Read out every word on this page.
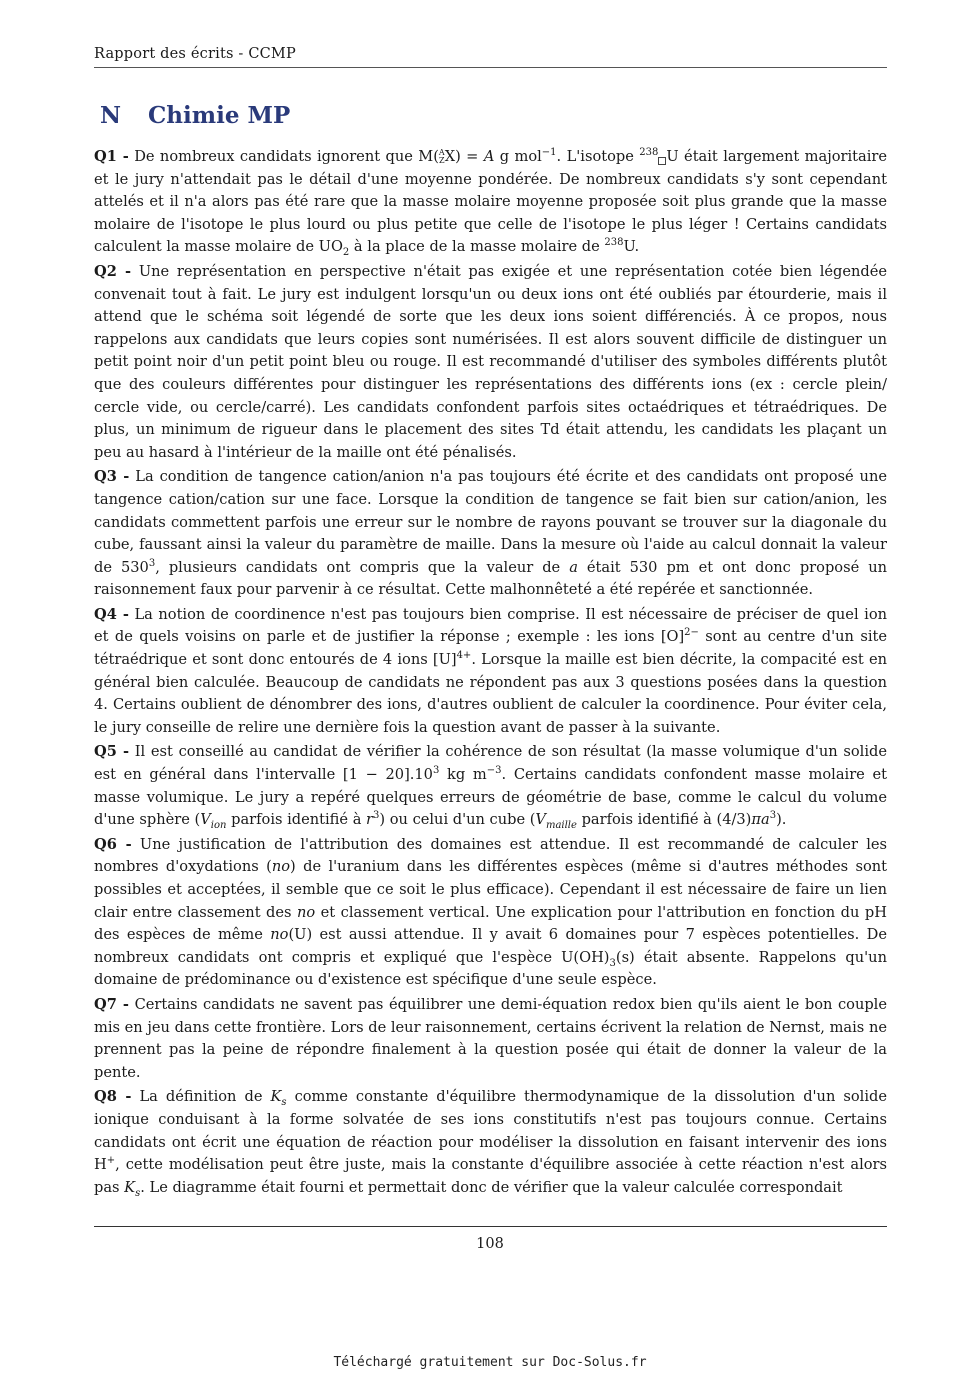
Rapport des écrits - CCMP
N Chimie MP

Q1 - De nombreux candidats ignorent que M(A
ZX) = A g mol$^{-1}$. L'isotope $^{238}$ U était largement majoritaire et le jury n'attendait pas le détail d'une moyenne pondérée. De nombreux candidats s'y sont cependant attelés et il n'a alors pas été rare que la masse molaire moyenne proposée soit plus grande que la masse molaire de l'isotope le plus lourd ou plus petite que celle de l'isotope le plus léger ! Certains candidats calculent la masse molaire de $UO_2$ à la place de la masse molaire de $^{238}$U.

Q2 - Une représentation en perspective n'était pas exigée et une représentation cotée bien légendée convenait tout à fait. Le jury est indulgent lorsqu'un ou deux ions ont été oubliés par étourderie, mais il attend que le schéma soit légendé de sorte que les deux ions soient différenciés. À ce propos, nous rappelons aux candidats que leurs copies sont numérisées. Il est alors souvent difficile de distinguer un petit point noir d'un petit point bleu ou rouge. Il est recommandé d'utiliser des symboles différents plutôt que des couleurs différentes pour distinguer les représentations des différents ions (ex : cercle plein/ cercle vide, ou cercle/carré). Les candidats confondent parfois sites octaédriques et tétraédriques. De plus, un minimum de rigueur dans le placement des sites Td était attendu, les candidats les plaçant un peu au hasard à l'intérieur de la maille ont été pénalisés.

Q3 - La condition de tangence cation/anion n'a pas toujours été écrite et des candidats ont proposé une tangence cation/cation sur une face. Lorsque la condition de tangence se fait bien sur cation/anion, les candidats commettent parfois une erreur sur le nombre de rayons pouvant se trouver sur la diagonale du cube, faussant ainsi la valeur du paramètre de maille. Dans la mesure où l'aide au calcul donnait la valeur de $530^3$, plusieurs candidats ont compris que la valeur de a était 530 pm et ont donc proposé un raisonnement faux pour parvenir à ce résultat. Cette malhonnêteté a été repérée et sanctionnée.

Q4 - La notion de coordinence n'est pas toujours bien comprise. Il est nécessaire de préciser de quel ion et de quels voisins on parle et de justifier la réponse ; exemple : les ions $[O]^{2-}$ sont au centre d'un site tétraédrique et sont donc entourés de 4 ions $[U]^{4+}$. Lorsque la maille est bien décrite, la compacité est en général bien calculée. Beaucoup de candidats ne répondent pas aux 3 questions posées dans la question 4. Certains oublient de dénombrer des ions, d'autres oublient de calculer la coordinence. Pour éviter cela, le jury conseille de relire une dernière fois la question avant de passer à la suivante.

Q5 - Il est conseillé au candidat de vérifier la cohérence de son résultat (la masse volumique d'un solide est en général dans l'intervalle $[1 - 20].10^3$ kg $m^{-3}$. Certains candidats confondent masse molaire et masse volumique. Le jury a repéré quelques erreurs de géométrie de base, comme le calcul du volume d'une sphère ($V_{ion}$ parfois identifié à $r^3$) ou celui d'un cube ($V_{maille}$ parfois identifié à $(4/3)\pi a^3$).

Q6 - Une justification de l'attribution des domaines est attendue. Il est recommandé de calculer les nombres d'oxydations (no) de l'uranium dans les différentes espèces (même si d'autres méthodes sont possibles et acceptées, il semble que ce soit le plus efficace). Cependant il est nécessaire de faire un lien clair entre classement des no et classement vertical. Une explication pour l'attribution en fonction du pH des espèces de même no(U) est aussi attendue. Il y avait 6 domaines pour 7 espèces potentielles. De nombreux candidats ont compris et expliqué que l'espèce $U(OH)_3(s)$ était absente. Rappelons qu'un domaine de prédominance ou d'existence est spécifique d'une seule espèce.

Q7 - Certains candidats ne savent pas équilibrer une demi-équation redox bien qu'ils aient le bon couple mis en jeu dans cette frontière. Lors de leur raisonnement, certains écrivent la relation de Nernst, mais ne prennent pas la peine de répondre finalement à la question posée qui était de donner la valeur de la pente.

Q8 - La définition de $K_s$ comme constante d'équilibre thermodynamique de la dissolution d'un solide ionique conduisant à la forme solvatée de ses ions constitutifs n'est pas toujours connue. Certains candidats ont écrit une équation de réaction pour modéliser la dissolution en faisant intervenir des ions H+, cette modélisation peut être juste, mais la constante d'équilibre associée à cette réaction n'est alors pas $K_s$. Le diagramme était fourni et permettait donc de vérifier que la valeur calculée correspondait

108
Téléchargé gratuitement sur Doc-Solus.fr
